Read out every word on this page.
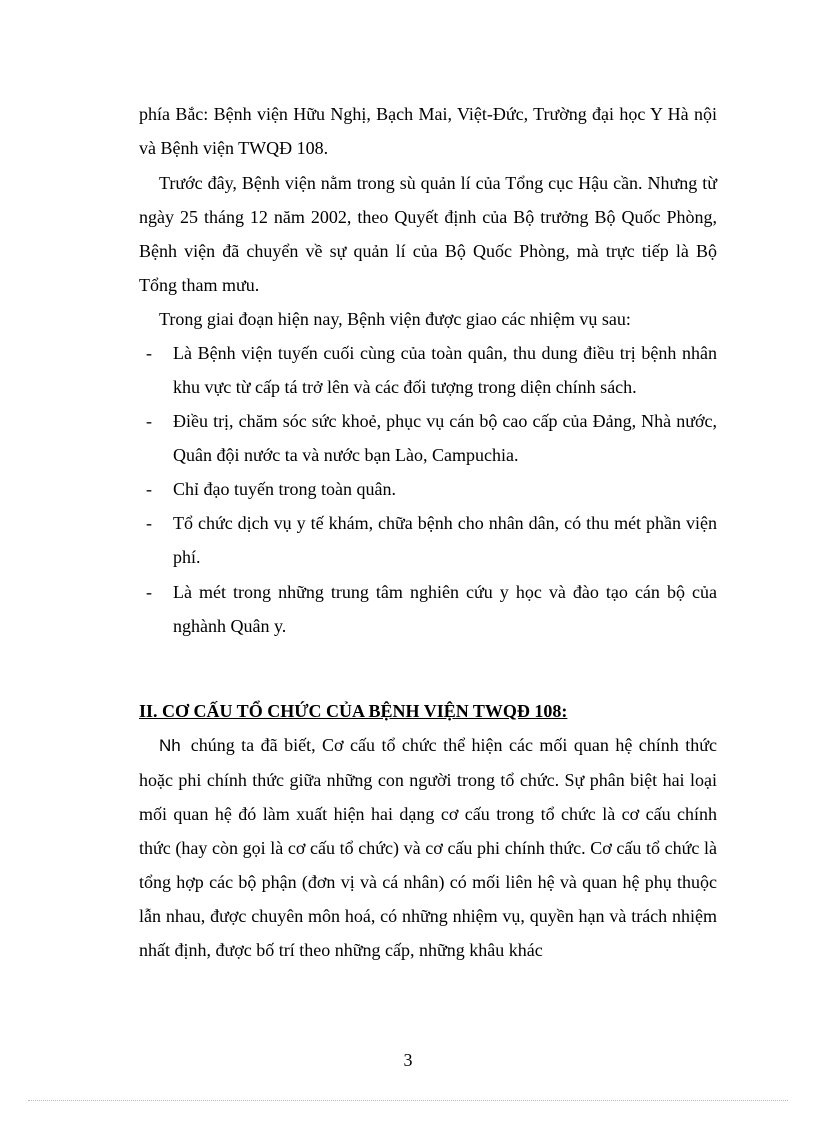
phía Bắc: Bệnh viện Hữu Nghị, Bạch Mai, Việt-Đức, Trường đại học Y Hà nội và Bệnh viện TWQĐ 108.

Trước đây, Bệnh viện nằm trong sù quản lí của Tổng cục Hậu cần. Nhưng từ ngày 25 tháng 12 năm 2002, theo Quyết định của Bộ trưởng Bộ Quốc Phòng, Bệnh viện đã chuyển về sự quản lí của Bộ Quốc Phòng, mà trực tiếp là Bộ Tổng tham mưu.

Trong giai đoạn hiện nay, Bệnh viện được giao các nhiệm vụ sau:

- Là Bệnh viện tuyến cuối cùng của toàn quân, thu dung điều trị bệnh nhân khu vực từ cấp tá trở lên và các đối tượng trong diện chính sách.

- Điều trị, chăm sóc sức khoẻ, phục vụ cán bộ cao cấp của Đảng, Nhà nước, Quân đội nước ta và nước bạn Lào, Campuchia.

- Chỉ đạo tuyến trong toàn quân.

- Tổ chức dịch vụ y tế khám, chữa bệnh cho nhân dân, có thu mét phần viện phí.

- Là mét trong những trung tâm nghiên cứu y học và đào tạo cán bộ của nghành Quân y.

II. CƠ CẤU TỔ CHỨC CỦA BỆNH VIỆN TWQĐ 108:

Nh chúng ta đã biết, Cơ cấu tổ chức thể hiện các mối quan hệ chính thức hoặc phi chính thức giữa những con người trong tổ chức. Sự phân biệt hai loại mối quan hệ đó làm xuất hiện hai dạng cơ cấu trong tổ chức là cơ cấu chính thức (hay còn gọi là cơ cấu tổ chức) và cơ cấu phi chính thức. Cơ cấu tổ chức là tổng hợp các bộ phận (đơn vị và cá nhân) có mối liên hệ và quan hệ phụ thuộc lẫn nhau, được chuyên môn hoá, có những nhiệm vụ, quyền hạn và trách nhiệm nhất định, được bố trí theo những cấp, những khâu khác

3
